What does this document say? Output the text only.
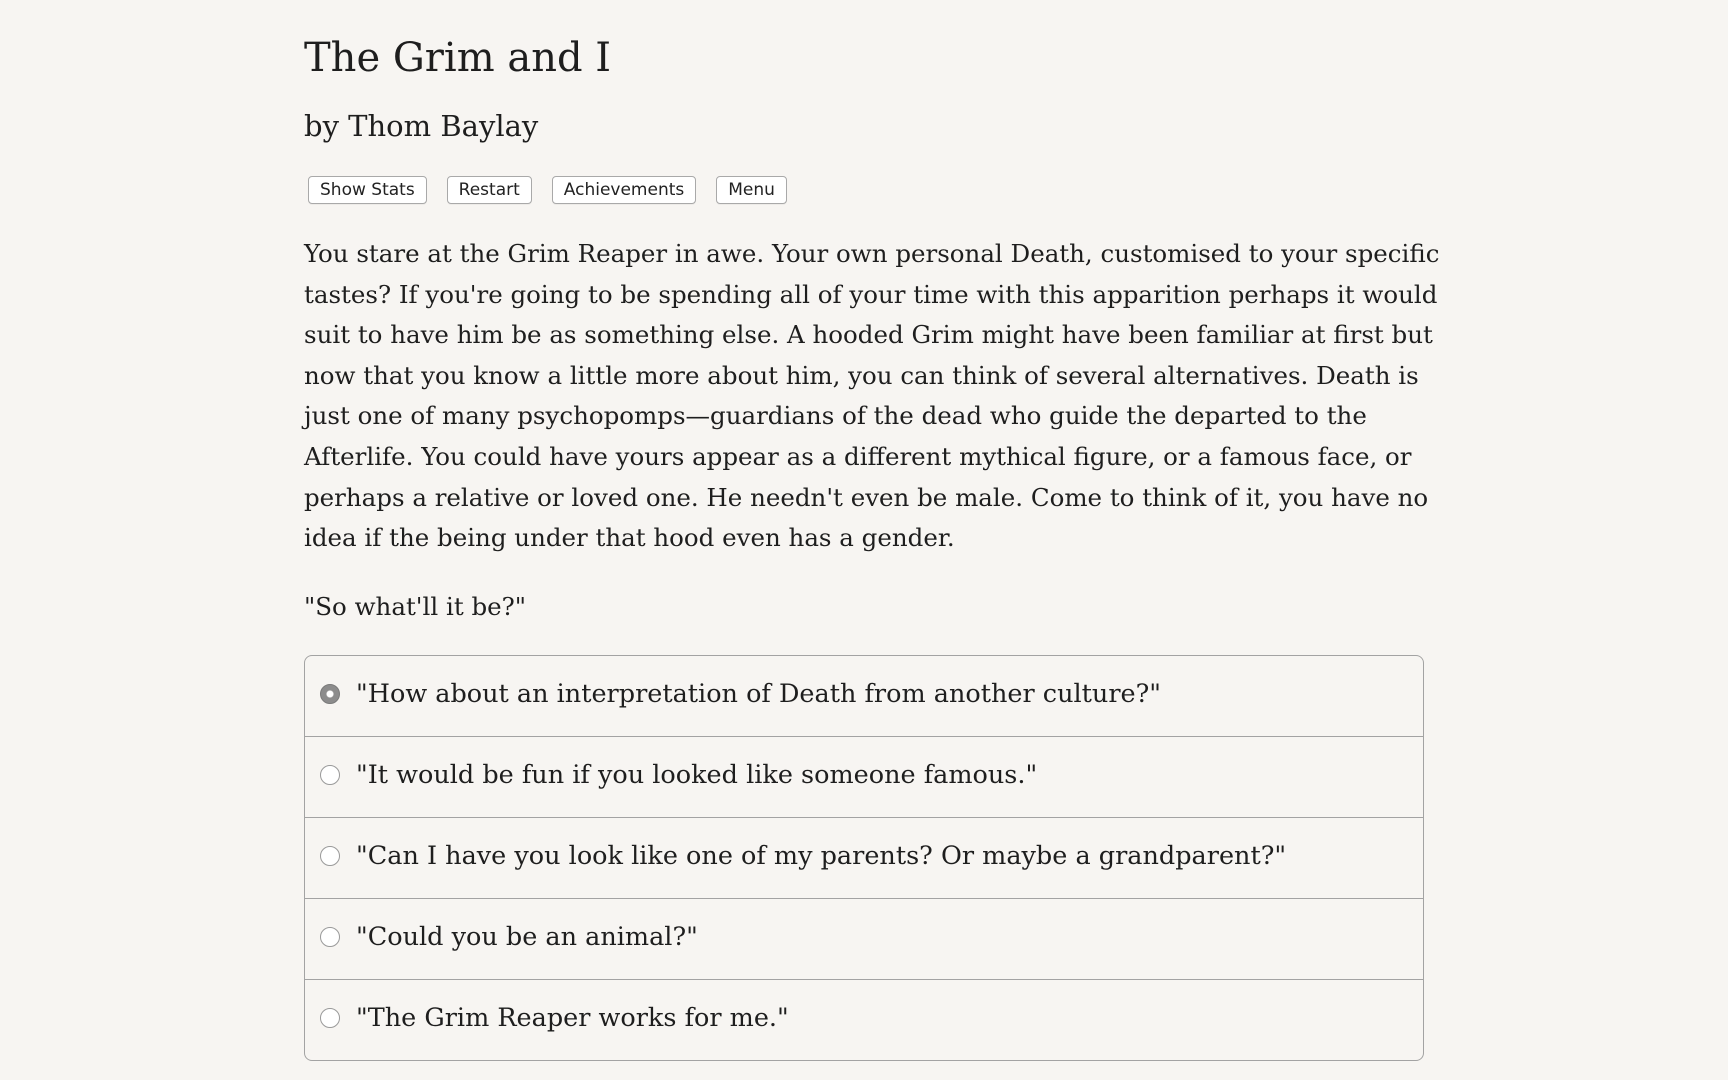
The Grim and I
by Thom Baylay
Show Stats	Restart	Achievements	Menu

You stare at the Grim Reaper in awe. Your own personal Death, customised to your specific tastes? If you're going to be spending all of your time with this apparition perhaps it would suit to have him be as something else. A hooded Grim might have been familiar at first but now that you know a little more about him, you can think of several alternatives. Death is just one of many psychopomps—guardians of the dead who guide the departed to the Afterlife. You could have yours appear as a different mythical figure, or a famous face, or perhaps a relative or loved one. He needn't even be male. Come to think of it, you have no idea if the being under that hood even has a gender.

"So what'll it be?"

"How about an interpretation of Death from another culture?"
"It would be fun if you looked like someone famous."
"Can I have you look like one of my parents? Or maybe a grandparent?"
"Could you be an animal?"
"The Grim Reaper works for me."
